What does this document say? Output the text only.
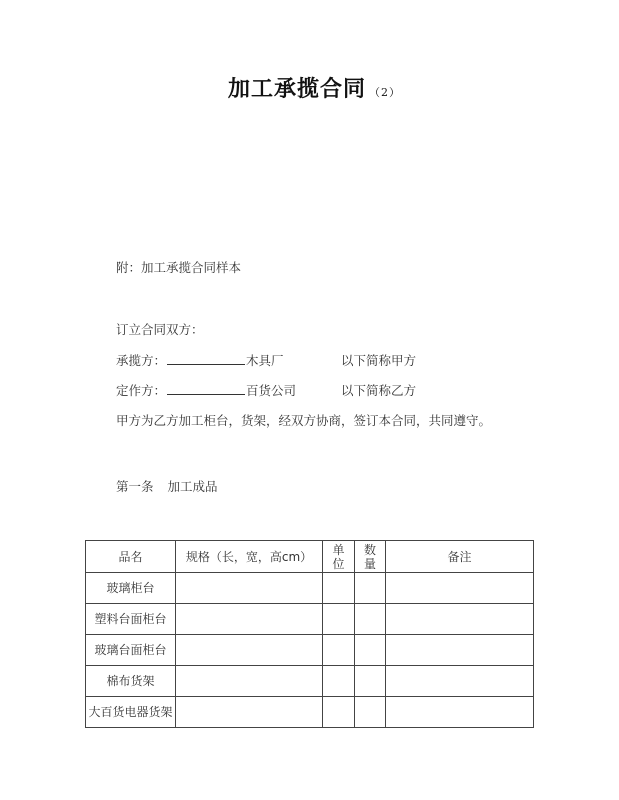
加工承揽合同 （2）
附：加工承揽合同样本
订立合同双方：
承揽方：	木具厂	以下简称甲方
定作方：	百货公司	以下简称乙方
甲方为乙方加工柜台，货架，经双方协商，签订本合同，共同遵守。
第一条 加工成品
品名	规格（长，宽，高cm）	单位	数量	备注
玻璃柜台				
塑料台面柜台				
玻璃台面柜台				
棉布货架				
大百货电器货架				
